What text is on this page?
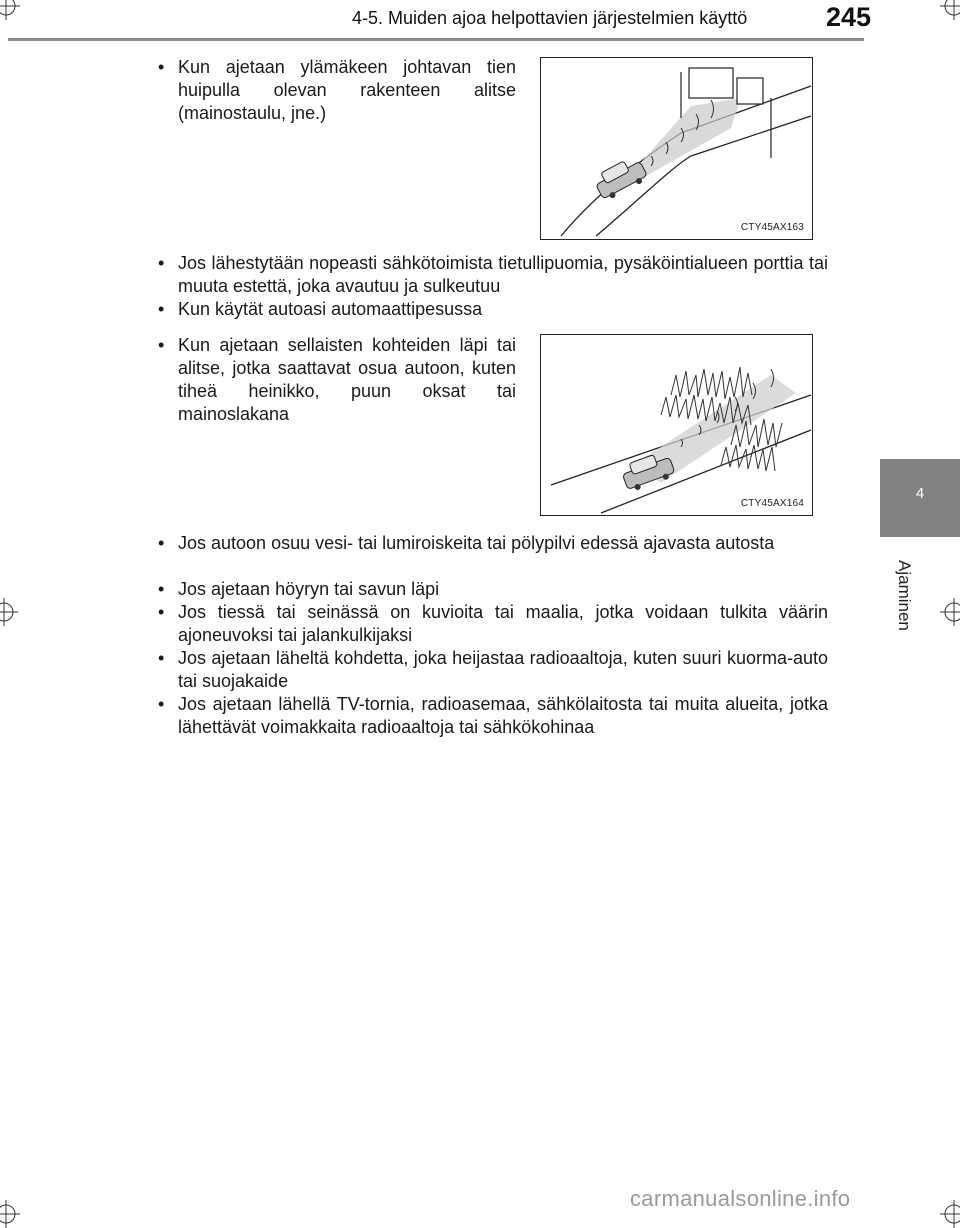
4-5. Muiden ajoa helpottavien järjestelmien käyttö	245
4
Ajaminen
• Kun ajetaan ylämäkeen johtavan tien huipulla olevan rakenteen alitse (mainostaulu, jne.)
• Jos lähestytään nopeasti sähkötoimista tietullipuomia, pysäköintialueen porttia tai muuta estettä, joka avautuu ja sulkeutuu
• Kun käytät autoasi automaattipesussa
• Kun ajetaan sellaisten kohteiden läpi tai alitse, jotka saattavat osua autoon, kuten tiheä heinikko, puun oksat tai mainoslakana
• Jos autoon osuu vesi- tai lumiroiskeita tai pölypilvi edessä ajavasta autosta
• Jos ajetaan höyryn tai savun läpi
• Jos tiessä tai seinässä on kuvioita tai maalia, jotka voidaan tulkita väärin ajoneuvoksi tai jalankulkijaksi
• Jos ajetaan läheltä kohdetta, joka heijastaa radioaaltoja, kuten suuri kuorma-auto tai suojakaide
• Jos ajetaan lähellä TV-tornia, radioasemaa, sähkölaitosta tai muita alueita, jotka lähettävät voimakkaita radioaaltoja tai sähkökohinaa
CTY45AX163
CTY45AX164
carmanualsonline.info
